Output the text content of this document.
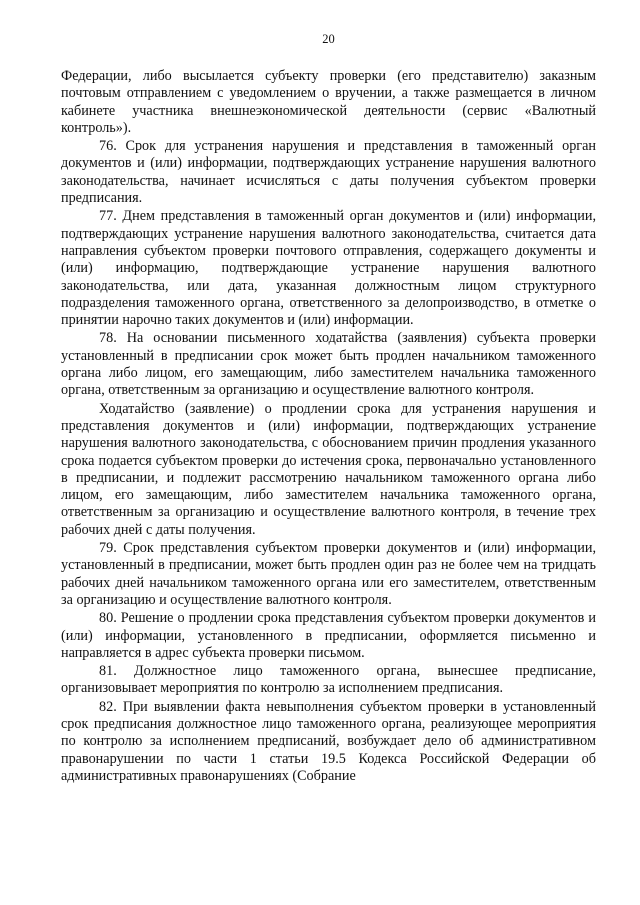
20

Федерации, либо высылается субъекту проверки (его представителю) заказным почтовым отправлением с уведомлением о вручении, а также размещается в личном кабинете участника внешнеэкономической деятельности (сервис «Валютный контроль»).

76. Срок для устранения нарушения и представления в таможенный орган документов и (или) информации, подтверждающих устранение нарушения валютного законодательства, начинает исчисляться с даты получения субъектом проверки предписания.

77. Днем представления в таможенный орган документов и (или) информации, подтверждающих устранение нарушения валютного законодательства, считается дата направления субъектом проверки почтового отправления, содержащего документы и (или) информацию, подтверждающие устранение нарушения валютного законодательства, или дата, указанная должностным лицом структурного подразделения таможенного органа, ответственного за делопроизводство, в отметке о принятии нарочно таких документов и (или) информации.

78. На основании письменного ходатайства (заявления) субъекта проверки установленный в предписании срок может быть продлен начальником таможенного органа либо лицом, его замещающим, либо заместителем начальника таможенного органа, ответственным за организацию и осуществление валютного контроля.

Ходатайство (заявление) о продлении срока для устранения нарушения и представления документов и (или) информации, подтверждающих устранение нарушения валютного законодательства, с обоснованием причин продления указанного срока подается субъектом проверки до истечения срока, первоначально установленного в предписании, и подлежит рассмотрению начальником таможенного органа либо лицом, его замещающим, либо заместителем начальника таможенного органа, ответственным за организацию и осуществление валютного контроля, в течение трех рабочих дней с даты получения.

79. Срок представления субъектом проверки документов и (или) информации, установленный в предписании, может быть продлен один раз не более чем на тридцать рабочих дней начальником таможенного органа или его заместителем, ответственным за организацию и осуществление валютного контроля.

80. Решение о продлении срока представления субъектом проверки документов и (или) информации, установленного в предписании, оформляется письменно и направляется в адрес субъекта проверки письмом.

81. Должностное лицо таможенного органа, вынесшее предписание, организовывает мероприятия по контролю за исполнением предписания.

82. При выявлении факта невыполнения субъектом проверки в установленный срок предписания должностное лицо таможенного органа, реализующее мероприятия по контролю за исполнением предписаний, возбуждает дело об административном правонарушении по части 1 статьи 19.5 Кодекса Российской Федерации об административных правонарушениях (Собрание
